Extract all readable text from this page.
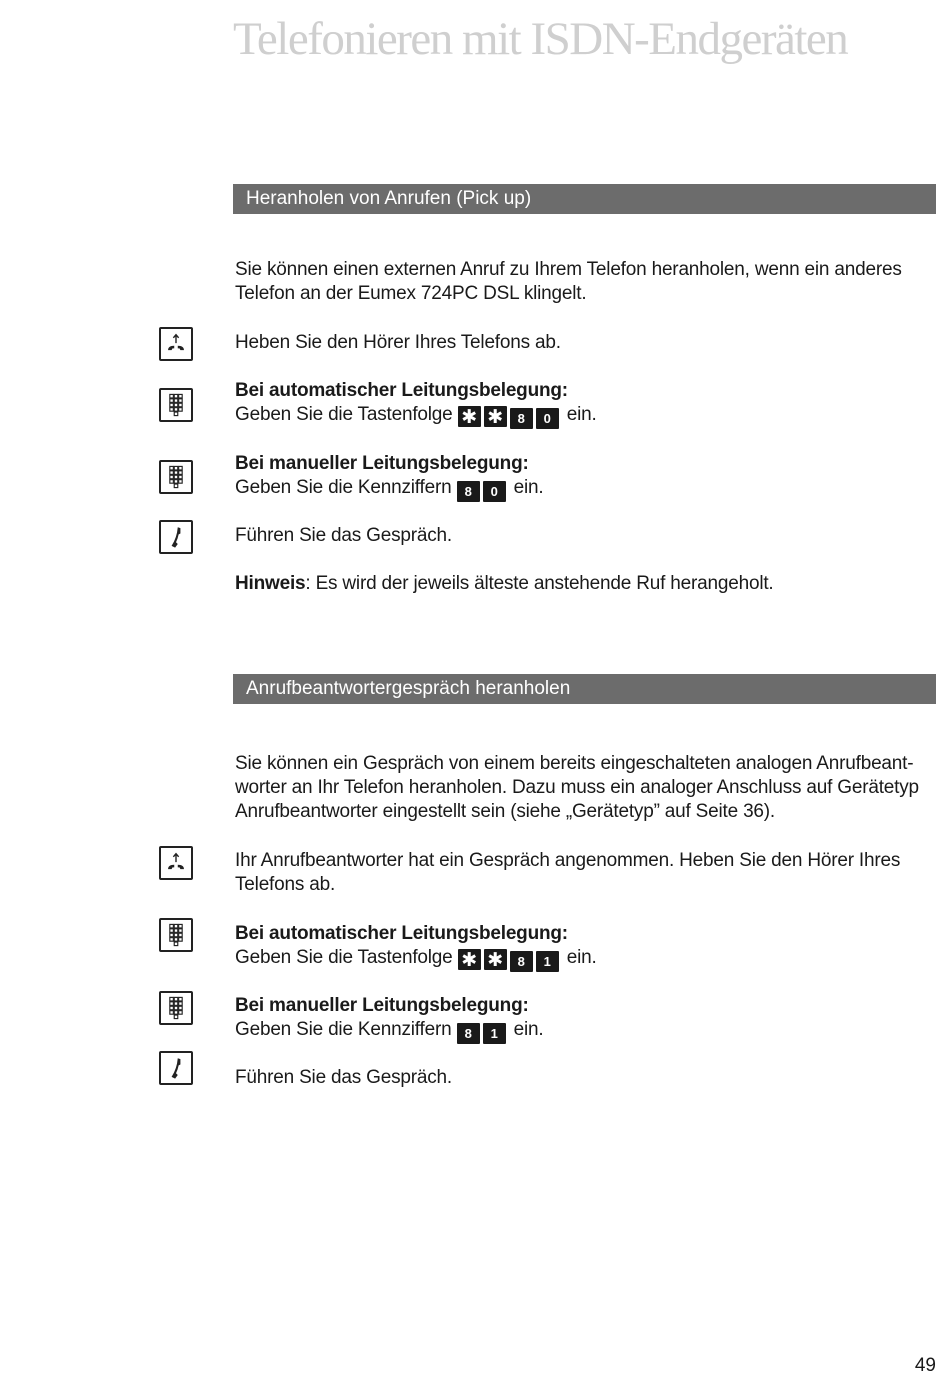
Telefonieren mit ISDN-Endgeräten
Heranholen von Anrufen (Pick up)
Sie können einen externen Anruf zu Ihrem Telefon heranholen, wenn ein anderes
Telefon an der Eumex 724PC DSL klingelt.
Heben Sie den Hörer Ihres Telefons ab.
Bei automatischer Leitungsbelegung:
Geben Sie die Tastenfolge ✱ ✱ 8 0 ein.
Bei manueller Leitungsbelegung:
Geben Sie die Kennziffern 8 0 ein.
Führen Sie das Gespräch.
Hinweis: Es wird der jeweils älteste anstehende Ruf herangeholt.
Anrufbeantwortergespräch heranholen
Sie können ein Gespräch von einem bereits eingeschalteten analogen Anrufbeant-
worter an Ihr Telefon heranholen. Dazu muss ein analoger Anschluss auf Gerätetyp
Anrufbeantworter eingestellt sein (siehe „Gerätetyp” auf Seite 36).
Ihr Anrufbeantworter hat ein Gespräch angenommen. Heben Sie den Hörer Ihres
Telefons ab.
Bei automatischer Leitungsbelegung:
Geben Sie die Tastenfolge ✱ ✱ 8 1 ein.
Bei manueller Leitungsbelegung:
Geben Sie die Kennziffern 8 1 ein.
Führen Sie das Gespräch.
49
